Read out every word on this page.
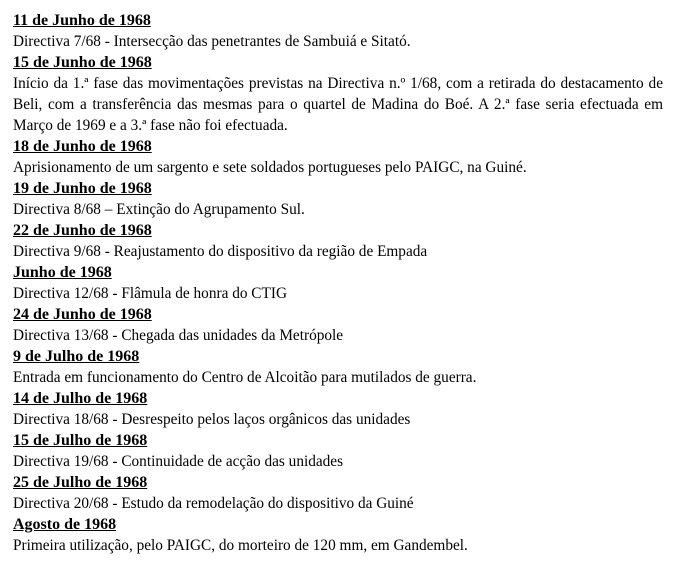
11 de Junho de 1968
Directiva 7/68 - Intersecção das penetrantes de Sambuiá e Sitató.
15 de Junho de 1968
Início da 1.ª fase das movimentações previstas na Directiva n.º 1/68, com a retirada do destacamento de Beli, com a transferência das mesmas para o quartel de Madina do Boé. A 2.ª fase seria efectuada em Março de 1969 e a 3.ª fase não foi efectuada.
18 de Junho de 1968
Aprisionamento de um sargento e sete soldados portugueses pelo PAIGC, na Guiné.
19 de Junho de 1968
Directiva 8/68 – Extinção do Agrupamento Sul.
22 de Junho de 1968
Directiva 9/68 - Reajustamento do dispositivo da região de Empada
Junho de 1968
Directiva 12/68 - Flâmula de honra do CTIG
24 de Junho de 1968
Directiva 13/68 - Chegada das unidades da Metrópole
9 de Julho de 1968
Entrada em funcionamento do Centro de Alcoitão para mutilados de guerra.
14 de Julho de 1968
Directiva 18/68 - Desrespeito pelos laços orgânicos das unidades
15 de Julho de 1968
Directiva 19/68 - Continuidade de acção das unidades
25 de Julho de 1968
Directiva 20/68 - Estudo da remodelação do dispositivo da Guiné
Agosto de 1968
Primeira utilização, pelo PAIGC, do morteiro de 120 mm, em Gandembel.
